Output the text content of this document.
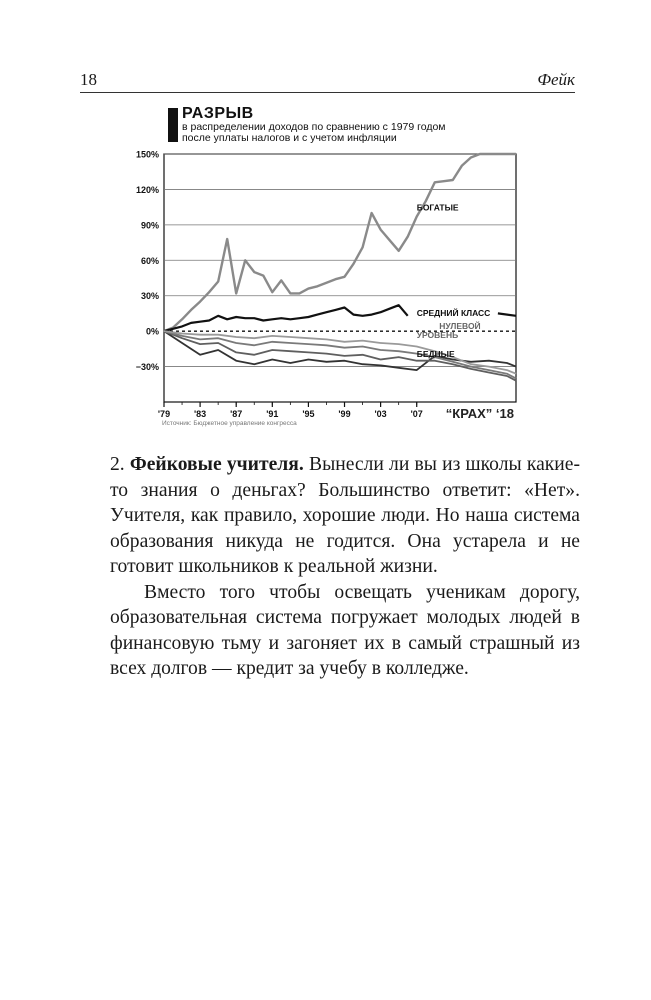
18	Фейк
150%
120%
90%
60%
30%
0%
−30%
'79	'83	'87	'91	'95	'99	'03	'07
БОГАТЫЕ
СРЕДНИЙ КЛАСС
НУЛЕВОЙ
УРОВЕНЬ
БЕДНЫЕ
“КРАХ” ‘18
РАЗРЫВ
в распределении доходов по сравнению с 1979 годом
после уплаты налогов и с учетом инфляции
Источник: Бюджетное управление конгресса

2. Фейковые учителя. Вынесли ли вы из школы какие-то знания о деньгах? Большинство ответит: «Нет». Учителя, как правило, хорошие люди. Но наша система образования никуда не годится. Она устарела и не готовит школьников к реальной жизни.

Вместо того чтобы освещать ученикам дорогу, образовательная система погружает молодых людей в финансовую тьму и загоняет их в самый страшный из всех долгов — кредит за учебу в колледже.
